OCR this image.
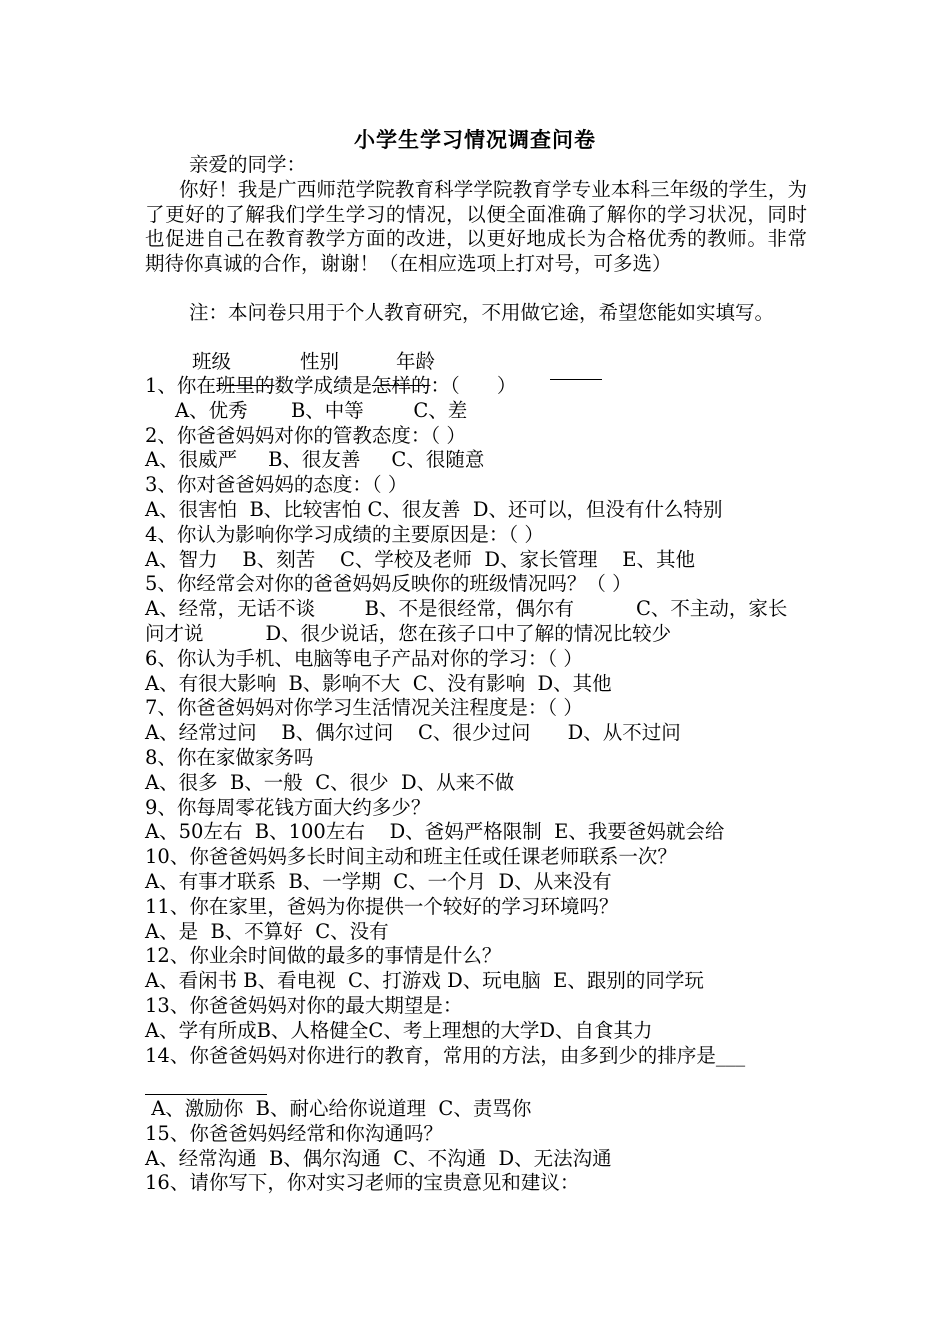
小学生学习情况调查问卷
亲爱的同学：
你好！我是广西师范学院教育科学学院教育学专业本科三年级的学生，为了更好的了解我们学生学习的情况，以便全面准确了解你的学习状况，同时也促进自己在教育教学方面的改进，以更好地成长为合格优秀的教师。非常期待你真诚的合作，谢谢！（在相应选项上打对号，可多选）
注：本问卷只用于个人教育研究，不用做它途，希望您能如实填写。
班级	性别	年龄
1、你在班里的数学成绩是怎样的：（      ）
A、优秀       B、中等        C、差
2、你爸爸妈妈对你的管教态度：（ ）
A、很威严     B、很友善     C、很随意
3、你对爸爸妈妈的态度：（ ）
A、很害怕  B、比较害怕 C、很友善  D、还可以，但没有什么特别
4、你认为影响你学习成绩的主要原因是：（ ）
A、智力    B、刻苦    C、学校及老师  D、家长管理    E、其他
5、你经常会对你的爸爸妈妈反映你的班级情况吗？（ ）
A、经常，无话不谈        B、不是很经常，偶尔有          C、不主动，家长
问才说          D、很少说话，您在孩子口中了解的情况比较少
6、你认为手机、电脑等电子产品对你的学习：（ ）
A、有很大影响  B、影响不大  C、没有影响  D、其他
7、你爸爸妈妈对你学习生活情况关注程度是：（ ）
A、经常过问    B、偶尔过问    C、很少过问      D、从不过问
8、你在家做家务吗
A、很多  B、一般  C、很少  D、从来不做
9、你每周零花钱方面大约多少？
A、50左右  B、100左右    D、爸妈严格限制  E、我要爸妈就会给
10、你爸爸妈妈多长时间主动和班主任或任课老师联系一次？
A、有事才联系  B、一学期  C、一个月  D、从来没有
11、你在家里，爸妈为你提供一个较好的学习环境吗？
A、是  B、不算好  C、没有
12、你业余时间做的最多的事情是什么？
A、看闲书 B、看电视  C、打游戏 D、玩电脑  E、跟别的同学玩
13、你爸爸妈妈对你的最大期望是：
A、学有所成B、人格健全C、考上理想的大学D、自食其力
14、你爸爸妈妈对你进行的教育，常用的方法，由多到少的排序是___
A、激励你  B、耐心给你说道理  C、责骂你
15、你爸爸妈妈经常和你沟通吗？
A、经常沟通  B、偶尔沟通  C、不沟通  D、无法沟通
16、请你写下，你对实习老师的宝贵意见和建议：
